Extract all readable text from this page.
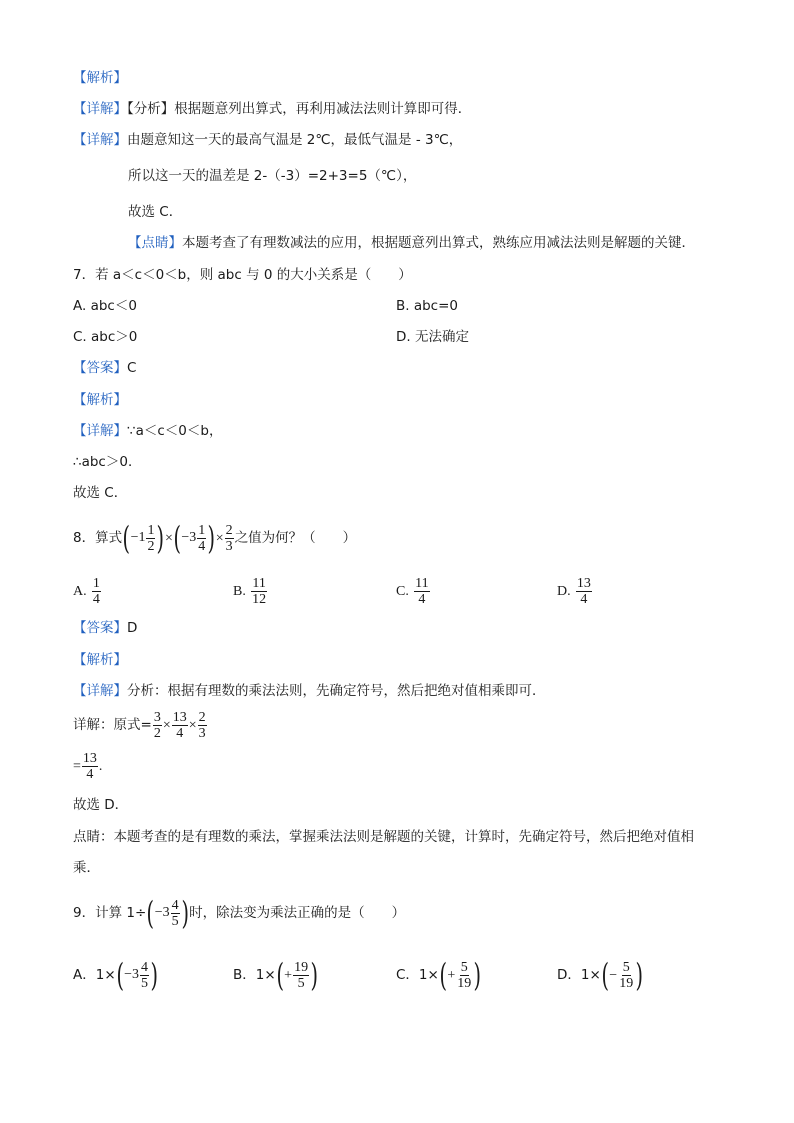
【解析】
【详解】【分析】根据题意列出算式，再利用减法法则计算即可得．
【详解】由题意知这一天的最高气温是 2℃，最低气温是 - 3℃，
所以这一天的温差是 2-（-3）=2+3=5（℃），
故选 C．
【点睛】本题考查了有理数减法的应用，根据题意列出算式，熟练应用减法法则是解题的关键．
7．若 a＜c＜0＜b，则 abc 与 0 的大小关系是（　　）
A. abc＜0	B. abc=0
C. abc＞0	D. 无法确定
【答案】C
【解析】
【详解】∵a＜c＜0＜b，
∴abc＞0．
故选 C．
8．算式( $-1 \frac{1}{2}$ )×( $-3 \frac{1}{4}$ )× $\frac{2}{3}$ 之值为何？（　　）
A. $\frac{1}{4}$	B. $\frac{11}{12}$	C. $\frac{11}{4}$	D. $\frac{13}{4}$
【答案】D
【解析】
【详解】分析：根据有理数的乘法法则，先确定符号，然后把绝对值相乘即可．
详解：原式= $\frac{3}{2} \times \frac{13}{4} \times \frac{2}{3}$
= $\frac{13}{4}$ .
故选 D．
点睛：本题考查的是有理数的乘法，掌握乘法法则是解题的关键，计算时，先确定符号，然后把绝对值相
乘．
9．计算 $1\div( -3 \frac{4}{5}$ )时，除法变为乘法正确的是（　　）
A．$1\times( -3 \frac{4}{5}$ )	B．$1\times(+ \frac{19}{5}$ )	C．$1\times(+ \frac{5}{19}$ )	D．$1\times(- \frac{5}{19}$ )
